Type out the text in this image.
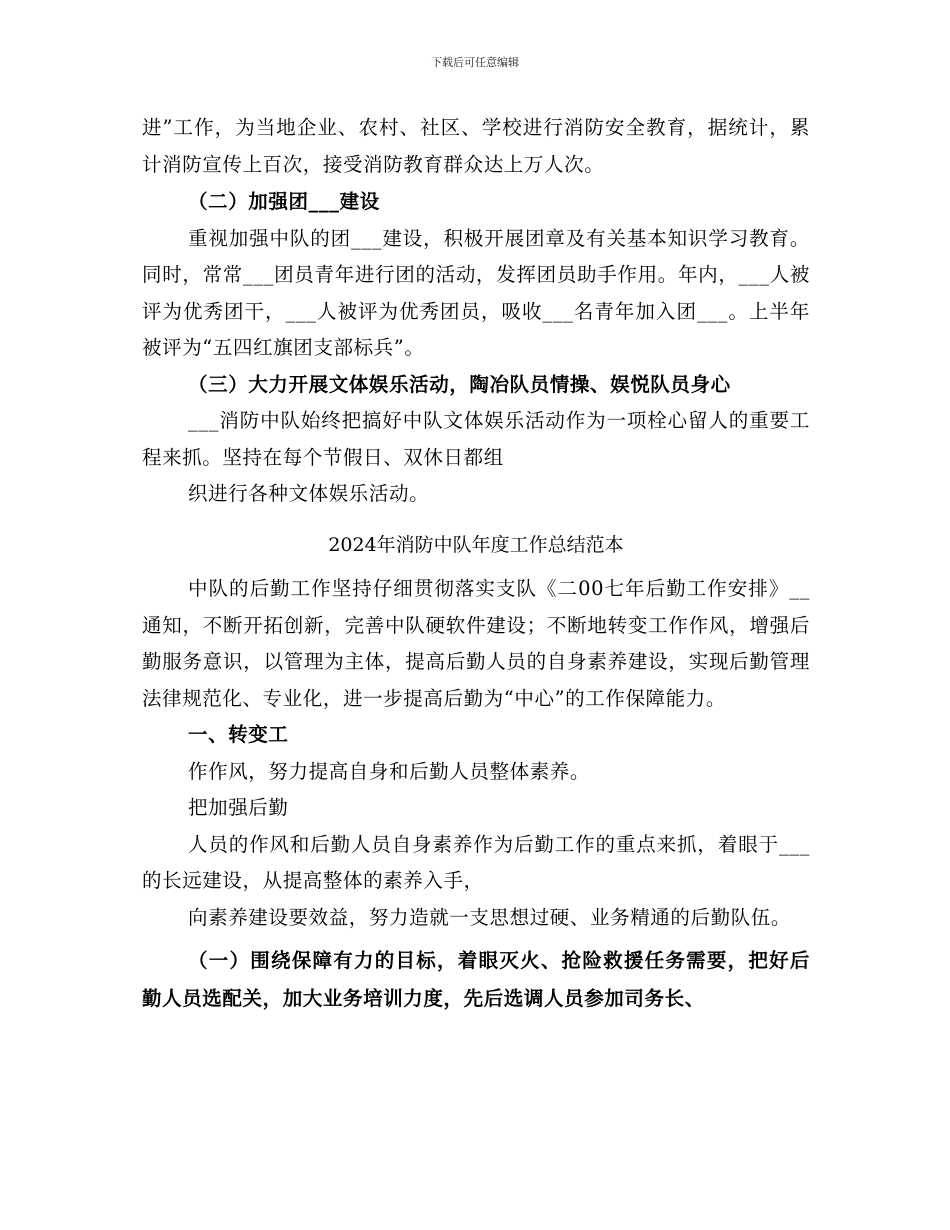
下载后可任意编辑

进”工作，为当地企业、农村、社区、学校进行消防安全教育，据统计，累计消防宣传上百次，接受消防教育群众达上万人次。

（二）加强团___建设

重视加强中队的团___建设，积极开展团章及有关基本知识学习教育。同时，常常___团员青年进行团的活动，发挥团员助手作用。年内，___人被评为优秀团干，___人被评为优秀团员，吸收___名青年加入团___。上半年被评为“五四红旗团支部标兵”。

（三）大力开展文体娱乐活动，陶冶队员情操、娱悦队员身心

___消防中队始终把搞好中队文体娱乐活动作为一项栓心留人的重要工程来抓。坚持在每个节假日、双休日都组

织进行各种文体娱乐活动。

2024年消防中队年度工作总结范本

中队的后勤工作坚持仔细贯彻落实支队《二00七年后勤工作安排》__通知，不断开拓创新，完善中队硬软件建设；不断地转变工作作风，增强后勤服务意识，以管理为主体，提高后勤人员的自身素养建设，实现后勤管理法律规范化、专业化，进一步提高后勤为“中心”的工作保障能力。

一、转变工

作作风，努力提高自身和后勤人员整体素养。

把加强后勤

人员的作风和后勤人员自身素养作为后勤工作的重点来抓，着眼于___的长远建设，从提高整体的素养入手，

向素养建设要效益，努力造就一支思想过硬、业务精通的后勤队伍。

（一）围绕保障有力的目标，着眼灭火、抢险救援任务需要，把好后勤人员选配关，加大业务培训力度，先后选调人员参加司务长、
